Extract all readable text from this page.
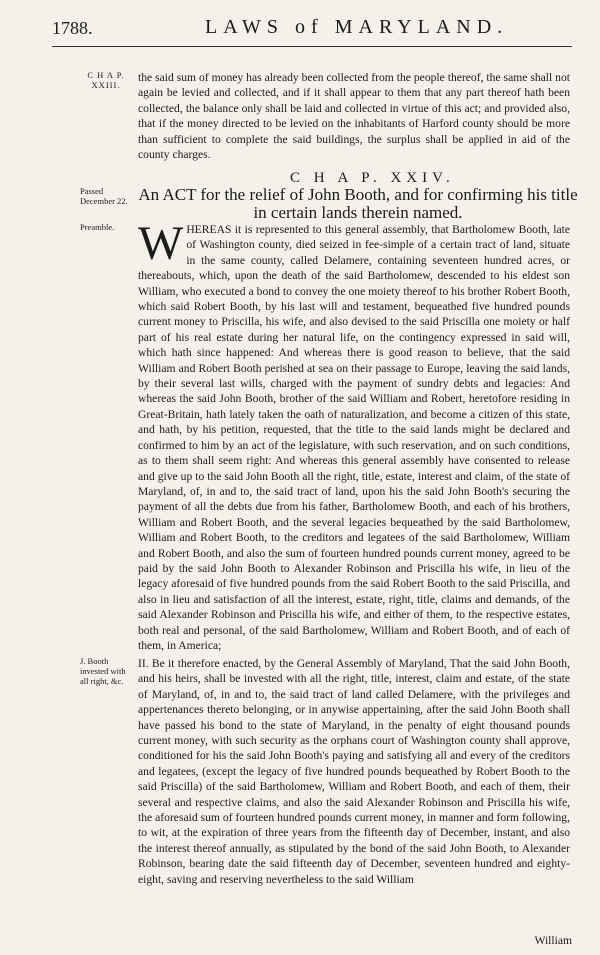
1788.	LAWS of MARYLAND.
C H A P. XXIII.
the said sum of money has already been collected from the people thereof, the same shall not again be levied and collected, and if it shall appear to them that any part thereof hath been collected, the balance only shall be laid and collected in virtue of this act; and provided also, that if the money directed to be levied on the inhabitants of Harford county should be more than sufficient to complete the said buildings, the surplus shall be applied in aid of the county charges.
C H A P. XXIV.
Passed December 22. An ACT for the relief of John Booth, and for confirming his title in certain lands therein named.
Preamble. WHEREAS it is represented to this general assembly, that Bartholomew Booth, late of Washington county, died seized in fee-simple of a certain tract of land, situate in the same county, called Delamere, containing seventeen hundred acres, or thereabouts, which, upon the death of the said Bartholomew, descended to his eldest son William, who executed a bond to convey the one moiety thereof to his brother Robert Booth, which said Robert Booth, by his last will and testament, bequeathed five hundred pounds current money to Priscilla, his wife, and also devised to the said Priscilla one moiety or half part of his real estate during her natural life, on the contingency expressed in said will, which hath since happened: And whereas there is good reason to believe, that the said William and Robert Booth perished at sea on their passage to Europe, leaving the said lands, by their several last wills, charged with the payment of sundry debts and legacies: And whereas the said John Booth, brother of the said William and Robert, heretofore residing in Great-Britain, hath lately taken the oath of naturalization, and become a citizen of this state, and hath, by his petition, requested, that the title to the said lands might be declared and confirmed to him by an act of the legislature, with such reservation, and on such conditions, as to them shall seem right: And whereas this general assembly have consented to release and give up to the said John Booth all the right, title, estate, interest and claim, of the state of Maryland, of, in and to, the said tract of land, upon his the said John Booth's securing the payment of all the debts due from his father, Bartholomew Booth, and each of his brothers, William and Robert Booth, and the several legacies bequeathed by the said Bartholomew, William and Robert Booth, to the creditors and legatees of the said Bartholomew, William and Robert Booth, and also the sum of fourteen hundred pounds current money, agreed to be paid by the said John Booth to Alexander Robinson and Priscilla his wife, in lieu of the legacy aforesaid of five hundred pounds from the said Robert Booth to the said Priscilla, and also in lieu and satisfaction of all the interest, estate, right, title, claims and demands, of the said Alexander Robinson and Priscilla his wife, and either of them, to the respective estates, both real and personal, of the said Bartholomew, William and Robert Booth, and of each of them, in America;
J. Booth invested with all right, &c.
II. Be it therefore enacted, by the General Assembly of Maryland, That the said John Booth, and his heirs, shall be invested with all the right, title, interest, claim and estate, of the state of Maryland, of, in and to, the said tract of land called Delamere, with the privileges and appertenances thereto belonging, or in anywise appertaining, after the said John Booth shall have passed his bond to the state of Maryland, in the penalty of eight thousand pounds current money, with such security as the orphans court of Washington county shall approve, conditioned for his the said John Booth's paying and satisfying all and every of the creditors and legatees, (except the legacy of five hundred pounds bequeathed by Robert Booth to the said Priscilla) of the said Bartholomew, William and Robert Booth, and each of them, their several and respective claims, and also the said Alexander Robinson and Priscilla his wife, the aforesaid sum of fourteen hundred pounds current money, in manner and form following, to wit, at the expiration of three years from the fifteenth day of December, instant, and also the interest thereof annually, as stipulated by the bond of the said John Booth, to Alexander Robinson, bearing date the said fifteenth day of December, seventeen hundred and eighty-eight, saving and reserving nevertheless to the said William
William
